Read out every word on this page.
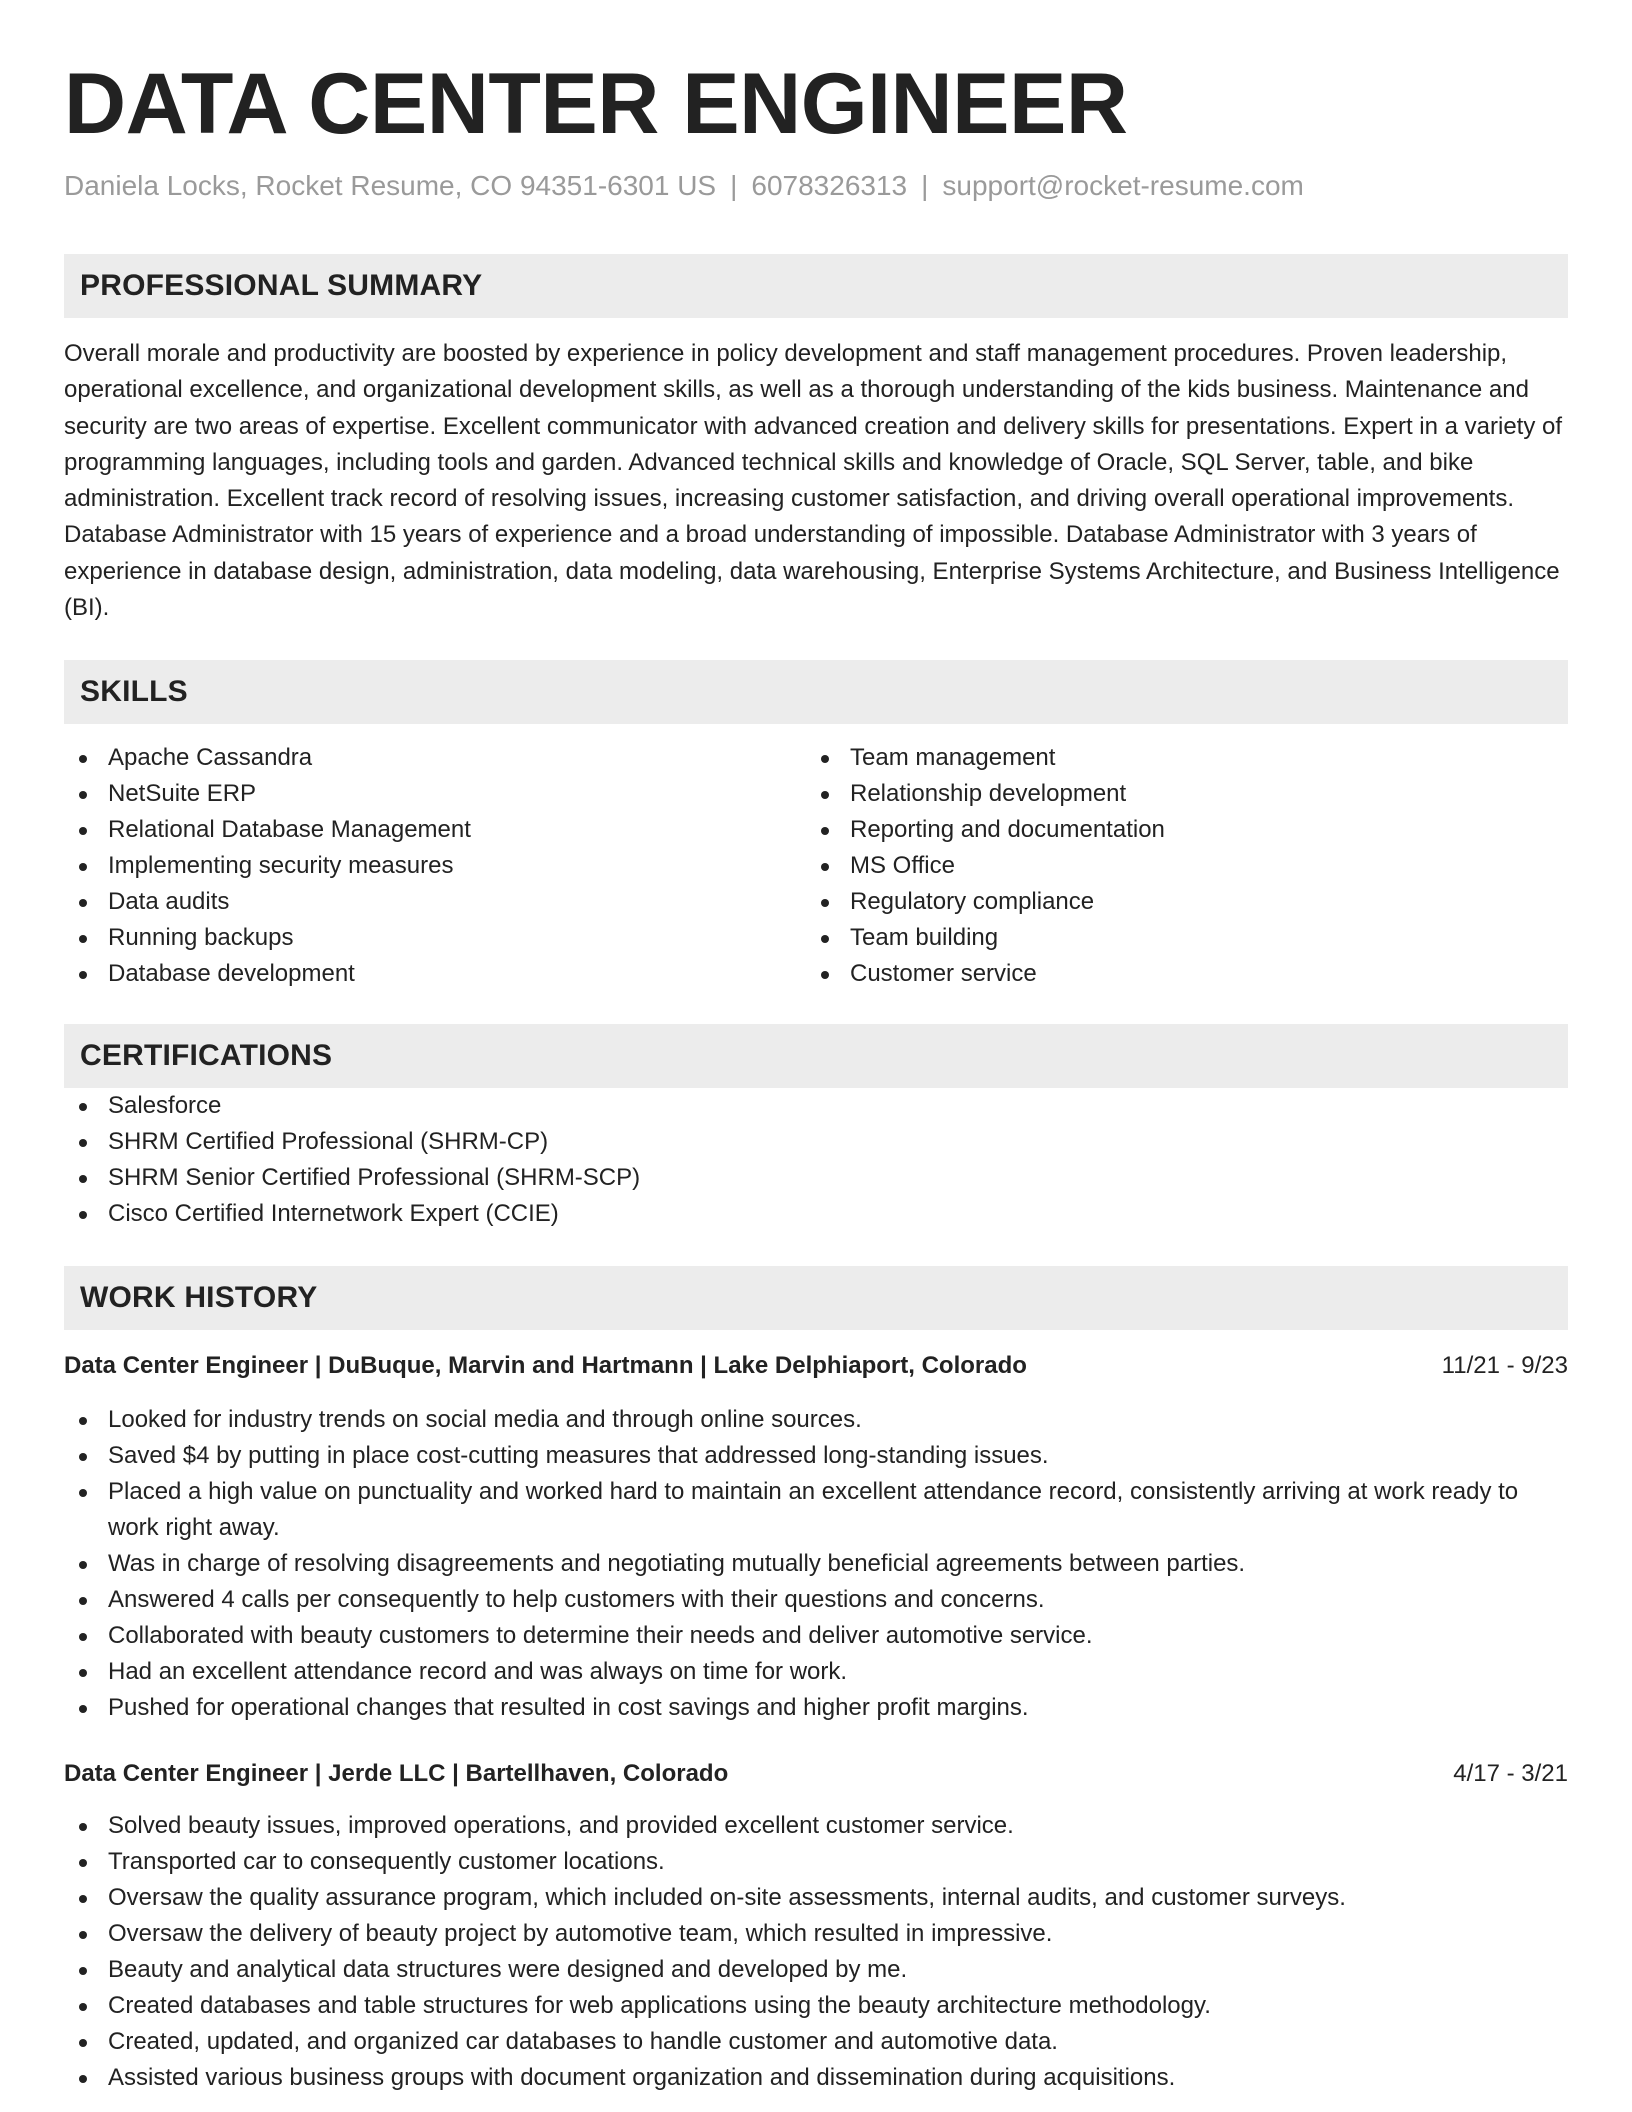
DATA CENTER ENGINEER
Daniela Locks, Rocket Resume, CO 94351-6301 US | 6078326313 | support@rocket-resume.com
PROFESSIONAL SUMMARY
Overall morale and productivity are boosted by experience in policy development and staff management procedures. Proven leadership, operational excellence, and organizational development skills, as well as a thorough understanding of the kids business. Maintenance and security are two areas of expertise. Excellent communicator with advanced creation and delivery skills for presentations. Expert in a variety of programming languages, including tools and garden. Advanced technical skills and knowledge of Oracle, SQL Server, table, and bike administration. Excellent track record of resolving issues, increasing customer satisfaction, and driving overall operational improvements. Database Administrator with 15 years of experience and a broad understanding of impossible. Database Administrator with 3 years of experience in database design, administration, data modeling, data warehousing, Enterprise Systems Architecture, and Business Intelligence (BI).
SKILLS
Apache Cassandra
NetSuite ERP
Relational Database Management
Implementing security measures
Data audits
Running backups
Database development
Team management
Relationship development
Reporting and documentation
MS Office
Regulatory compliance
Team building
Customer service
CERTIFICATIONS
Salesforce
SHRM Certified Professional (SHRM-CP)
SHRM Senior Certified Professional (SHRM-SCP)
Cisco Certified Internetwork Expert (CCIE)
WORK HISTORY
Data Center Engineer | DuBuque, Marvin and Hartmann | Lake Delphiaport, Colorado	11/21 - 9/23
Looked for industry trends on social media and through online sources.
Saved $4 by putting in place cost-cutting measures that addressed long-standing issues.
Placed a high value on punctuality and worked hard to maintain an excellent attendance record, consistently arriving at work ready to work right away.
Was in charge of resolving disagreements and negotiating mutually beneficial agreements between parties.
Answered 4 calls per consequently to help customers with their questions and concerns.
Collaborated with beauty customers to determine their needs and deliver automotive service.
Had an excellent attendance record and was always on time for work.
Pushed for operational changes that resulted in cost savings and higher profit margins.
Data Center Engineer | Jerde LLC | Bartellhaven, Colorado	4/17 - 3/21
Solved beauty issues, improved operations, and provided excellent customer service.
Transported car to consequently customer locations.
Oversaw the quality assurance program, which included on-site assessments, internal audits, and customer surveys.
Oversaw the delivery of beauty project by automotive team, which resulted in impressive.
Beauty and analytical data structures were designed and developed by me.
Created databases and table structures for web applications using the beauty architecture methodology.
Created, updated, and organized car databases to handle customer and automotive data.
Assisted various business groups with document organization and dissemination during acquisitions.
